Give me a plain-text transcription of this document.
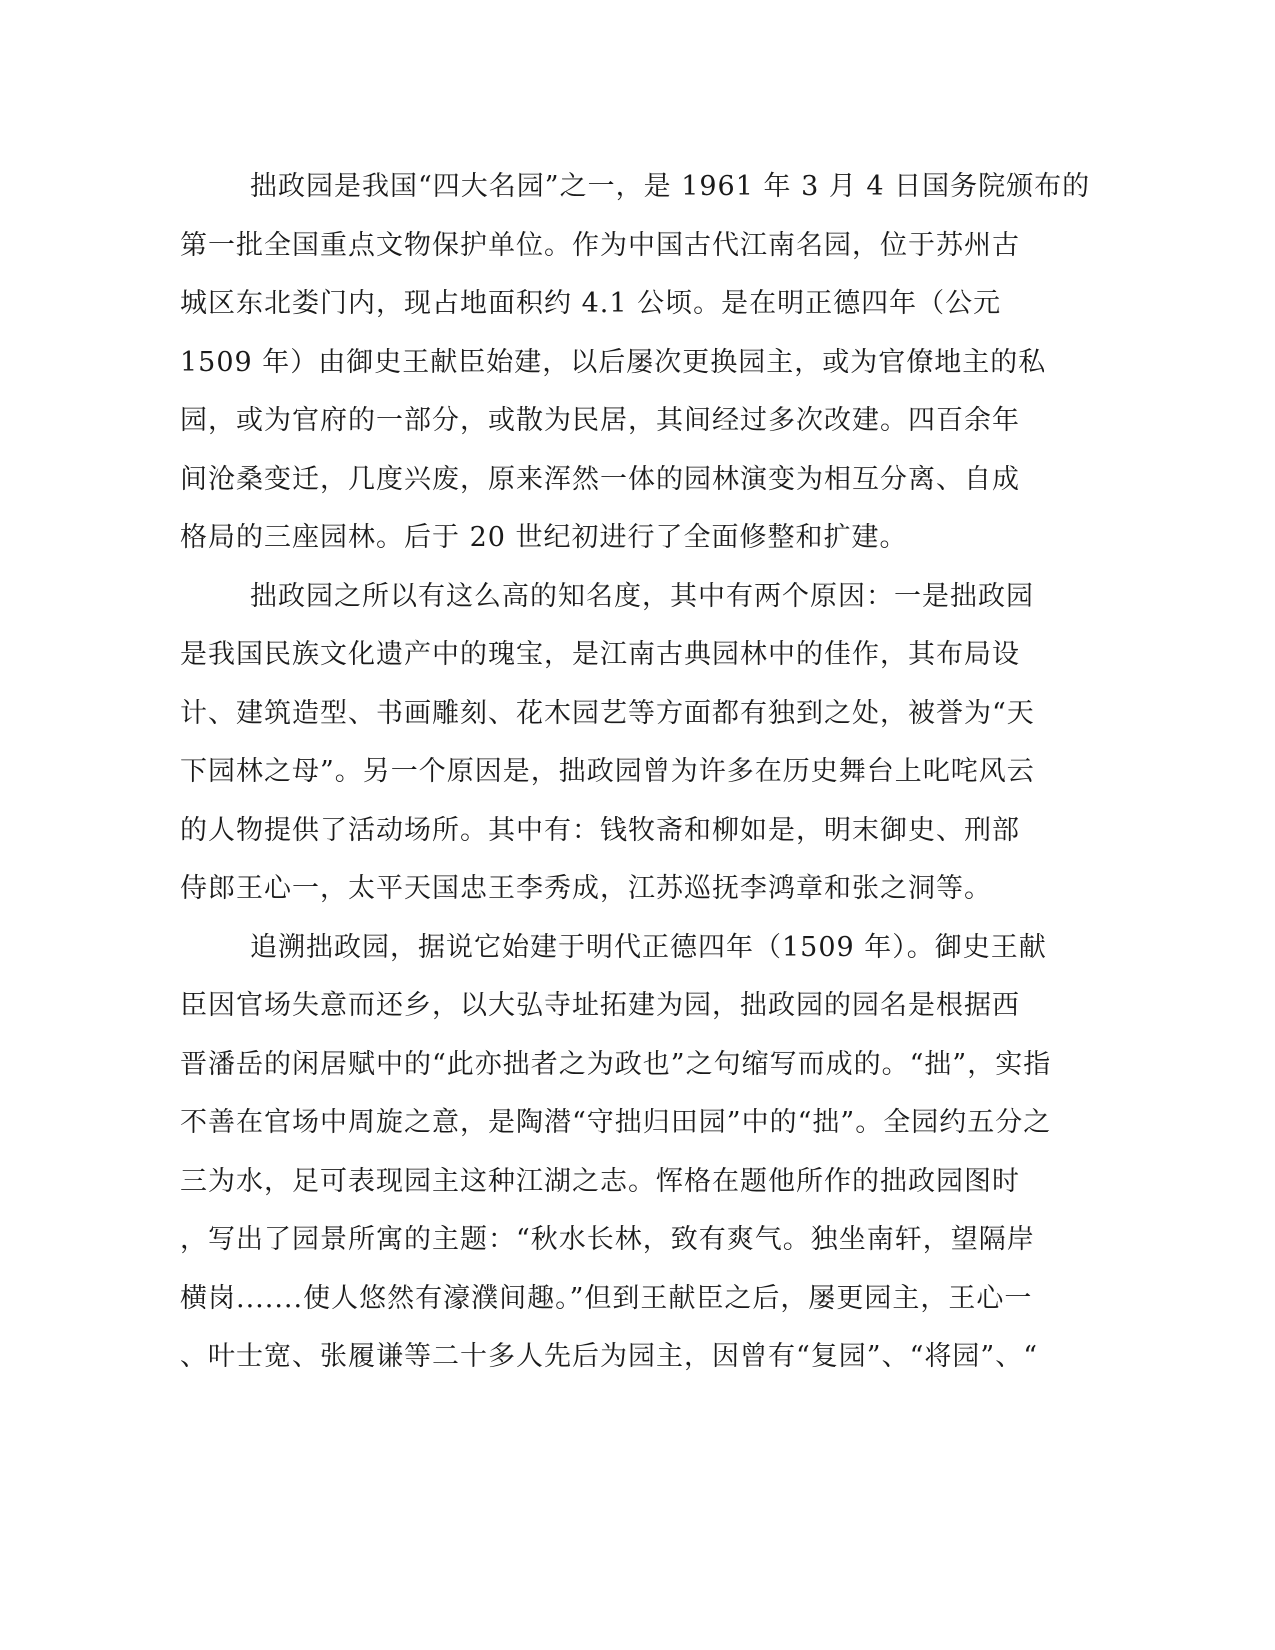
拙政园是我国“四大名园”之一，是 1961 年 3 月 4 日国务院颁布的
第一批全国重点文物保护单位。作为中国古代江南名园，位于苏州古
城区东北娄门内，现占地面积约 4.1 公顷。是在明正德四年（公元
1509 年）由御史王献臣始建，以后屡次更换园主，或为官僚地主的私
园，或为官府的一部分，或散为民居，其间经过多次改建。四百余年
间沧桑变迁，几度兴废，原来浑然一体的园林演变为相互分离、自成
格局的三座园林。后于 20 世纪初进行了全面修整和扩建。
拙政园之所以有这么高的知名度，其中有两个原因：一是拙政园
是我国民族文化遗产中的瑰宝，是江南古典园林中的佳作，其布局设
计、建筑造型、书画雕刻、花木园艺等方面都有独到之处，被誉为“天
下园林之母”。另一个原因是，拙政园曾为许多在历史舞台上叱咤风云
的人物提供了活动场所。其中有：钱牧斋和柳如是，明末御史、刑部
侍郎王心一，太平天国忠王李秀成，江苏巡抚李鸿章和张之洞等。
追溯拙政园，据说它始建于明代正德四年（1509 年）。御史王献
臣因官场失意而还乡，以大弘寺址拓建为园，拙政园的园名是根据西
晋潘岳的闲居赋中的“此亦拙者之为政也”之句缩写而成的。“拙”，实指
不善在官场中周旋之意，是陶潜“守拙归田园”中的“拙”。全园约五分之
三为水，足可表现园主这种江湖之志。恽格在题他所作的拙政园图时
，写出了园景所寓的主题：“秋水长林，致有爽气。独坐南轩，望隔岸
横岗.......使人悠然有濠濮间趣。”但到王献臣之后，屡更园主，王心一
、叶士宽、张履谦等二十多人先后为园主，因曾有“复园”、“将园”、“
